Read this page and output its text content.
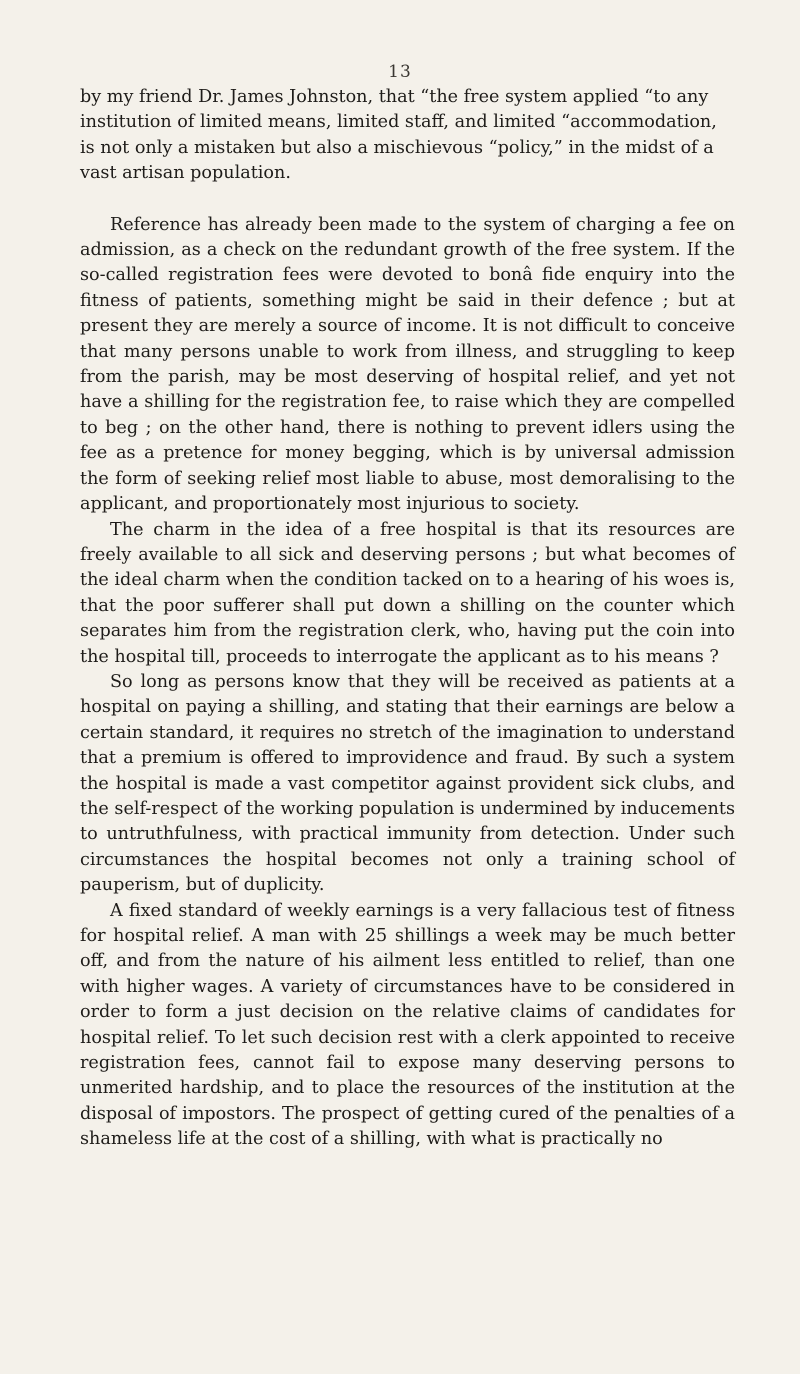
13

by my friend Dr. James Johnston, that “the free system applied “to any institution of limited means, limited staff, and limited “accommodation, is not only a mistaken but also a mischievous “policy,” in the midst of a vast artisan population.

Reference has already been made to the system of charging a fee on admission, as a check on the redundant growth of the free system. If the so-called registration fees were devoted to bonâ fide enquiry into the fitness of patients, something might be said in their defence ; but at present they are merely a source of income. It is not difficult to conceive that many persons unable to work from illness, and struggling to keep from the parish, may be most deserving of hospital relief, and yet not have a shilling for the registration fee, to raise which they are compelled to beg ; on the other hand, there is nothing to prevent idlers using the fee as a pretence for money begging, which is by universal admission the form of seeking relief most liable to abuse, most demoralising to the applicant, and proportionately most injurious to society.

The charm in the idea of a free hospital is that its resources are freely available to all sick and deserving persons ; but what becomes of the ideal charm when the condition tacked on to a hearing of his woes is, that the poor sufferer shall put down a shilling on the counter which separates him from the registration clerk, who, having put the coin into the hospital till, proceeds to interrogate the applicant as to his means ?

So long as persons know that they will be received as patients at a hospital on paying a shilling, and stating that their earnings are below a certain standard, it requires no stretch of the imagination to understand that a premium is offered to improvidence and fraud. By such a system the hospital is made a vast competitor against provident sick clubs, and the self-respect of the working population is undermined by inducements to untruthfulness, with practical immunity from detection. Under such circumstances the hospital becomes not only a training school of pauperism, but of duplicity.

A fixed standard of weekly earnings is a very fallacious test of fitness for hospital relief. A man with 25 shillings a week may be much better off, and from the nature of his ailment less entitled to relief, than one with higher wages. A variety of circumstances have to be considered in order to form a just decision on the relative claims of candidates for hospital relief. To let such decision rest with a clerk appointed to receive registration fees, cannot fail to expose many deserving persons to unmerited hardship, and to place the resources of the institution at the disposal of impostors. The prospect of getting cured of the penalties of a shameless life at the cost of a shilling, with what is practically no
